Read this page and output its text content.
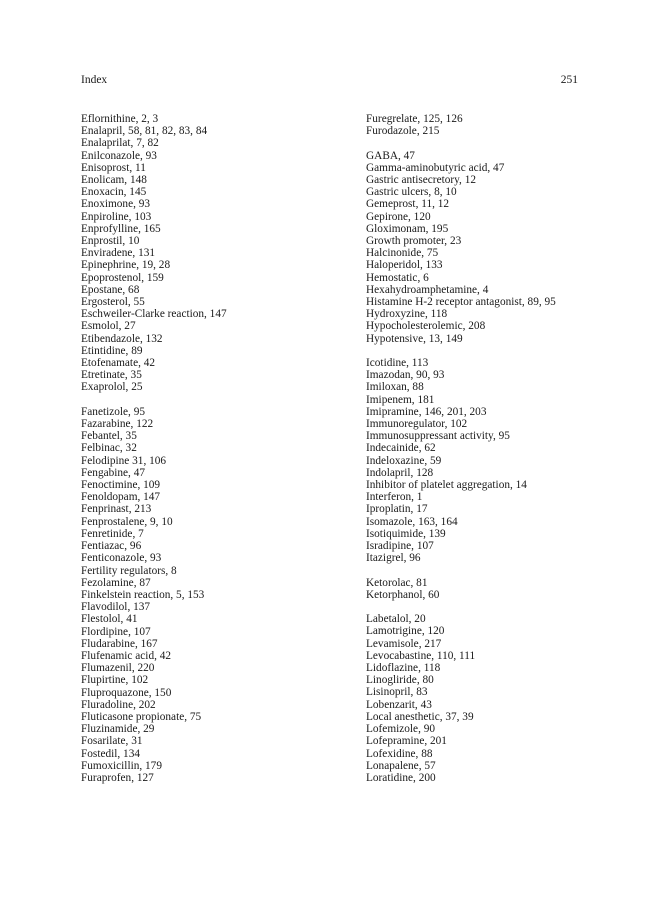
Index	251
Eflornithine, 2, 3
Enalapril, 58, 81, 82, 83, 84
Enalaprilat, 7, 82
Enilconazole, 93
Enisoprost, 11
Enolicam, 148
Enoxacin, 145
Enoximone, 93
Enpiroline, 103
Enprofylline, 165
Enprostil, 10
Enviradene, 131
Epinephrine, 19, 28
Epoprostenol, 159
Epostane, 68
Ergosterol, 55
Eschweiler-Clarke reaction, 147
Esmolol, 27
Etibendazole, 132
Etintidine, 89
Etofenamate, 42
Etretinate, 35
Exaprolol, 25
Fanetizole, 95
Fazarabine, 122
Febantel, 35
Felbinac, 32
Felodipine 31, 106
Fengabine, 47
Fenoctimine, 109
Fenoldopam, 147
Fenprinast, 213
Fenprostalene, 9, 10
Fenretinide, 7
Fentiazac, 96
Fenticonazole, 93
Fertility regulators, 8
Fezolamine, 87
Finkelstein reaction, 5, 153
Flavodilol, 137
Flestolol, 41
Flordipine, 107
Fludarabine, 167
Flufenamic acid, 42
Flumazenil, 220
Flupirtine, 102
Fluproquazone, 150
Fluradoline, 202
Fluticasone propionate, 75
Fluzinamide, 29
Fosarilate, 31
Fostedil, 134
Fumoxicillin, 179
Furaprofen, 127
Furegrelate, 125, 126
Furodazole, 215
GABA, 47
Gamma-aminobutyric acid, 47
Gastric antisecretory, 12
Gastric ulcers, 8, 10
Gemeprost, 11, 12
Gepirone, 120
Gloximonam, 195
Growth promoter, 23
Halcinonide, 75
Haloperidol, 133
Hemostatic, 6
Hexahydroamphetamine, 4
Histamine H-2 receptor antagonist, 89, 95
Hydroxyzine, 118
Hypocholesterolemic, 208
Hypotensive, 13, 149
Icotidine, 113
Imazodan, 90, 93
Imiloxan, 88
Imipenem, 181
Imipramine, 146, 201, 203
Immunoregulator, 102
Immunosuppressant activity, 95
Indecainide, 62
Indeloxazine, 59
Indolapril, 128
Inhibitor of platelet aggregation, 14
Interferon, 1
Iproplatin, 17
Isomazole, 163, 164
Isotiquimide, 139
Isradipine, 107
Itazigrel, 96
Ketorolac, 81
Ketorphanol, 60
Labetalol, 20
Lamotrigine, 120
Levamisole, 217
Levocabastine, 110, 111
Lidoflazine, 118
Linogliride, 80
Lisinopril, 83
Lobenzarit, 43
Local anesthetic, 37, 39
Lofemizole, 90
Lofepramine, 201
Lofexidine, 88
Lonapalene, 57
Loratidine, 200
